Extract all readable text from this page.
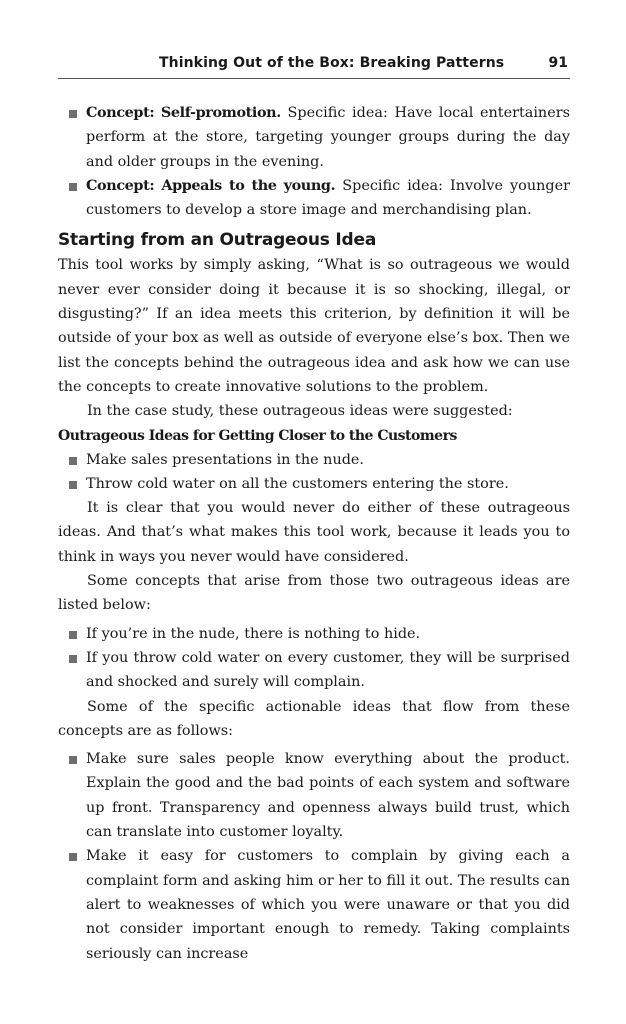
Thinking Out of the Box: Breaking Patterns	91
Concept: Self-promotion. Specific idea: Have local entertainers perform at the store, targeting younger groups during the day and older groups in the evening.
Concept: Appeals to the young. Specific idea: Involve younger customers to develop a store image and merchandising plan.
Starting from an Outrageous Idea

This tool works by simply asking, “What is so outrageous we would never ever consider doing it because it is so shocking, illegal, or disgusting?” If an idea meets this criterion, by definition it will be outside of your box as well as outside of everyone else’s box. Then we list the concepts behind the outrageous idea and ask how we can use the concepts to create innovative solutions to the problem.

In the case study, these outrageous ideas were suggested:

Outrageous Ideas for Getting Closer to the Customers
Make sales presentations in the nude.
Throw cold water on all the customers entering the store.

It is clear that you would never do either of these outrageous ideas. And that’s what makes this tool work, because it leads you to think in ways you never would have considered.

Some concepts that arise from those two outrageous ideas are listed below:

If you’re in the nude, there is nothing to hide.
If you throw cold water on every customer, they will be surprised and shocked and surely will complain.

Some of the specific actionable ideas that flow from these concepts are as follows:

Make sure sales people know everything about the product. Explain the good and the bad points of each system and software up front. Transparency and openness always build trust, which can translate into customer loyalty.
Make it easy for customers to complain by giving each a complaint form and asking him or her to fill it out. The results can alert to weaknesses of which you were unaware or that you did not consider important enough to remedy. Taking complaints seriously can increase
